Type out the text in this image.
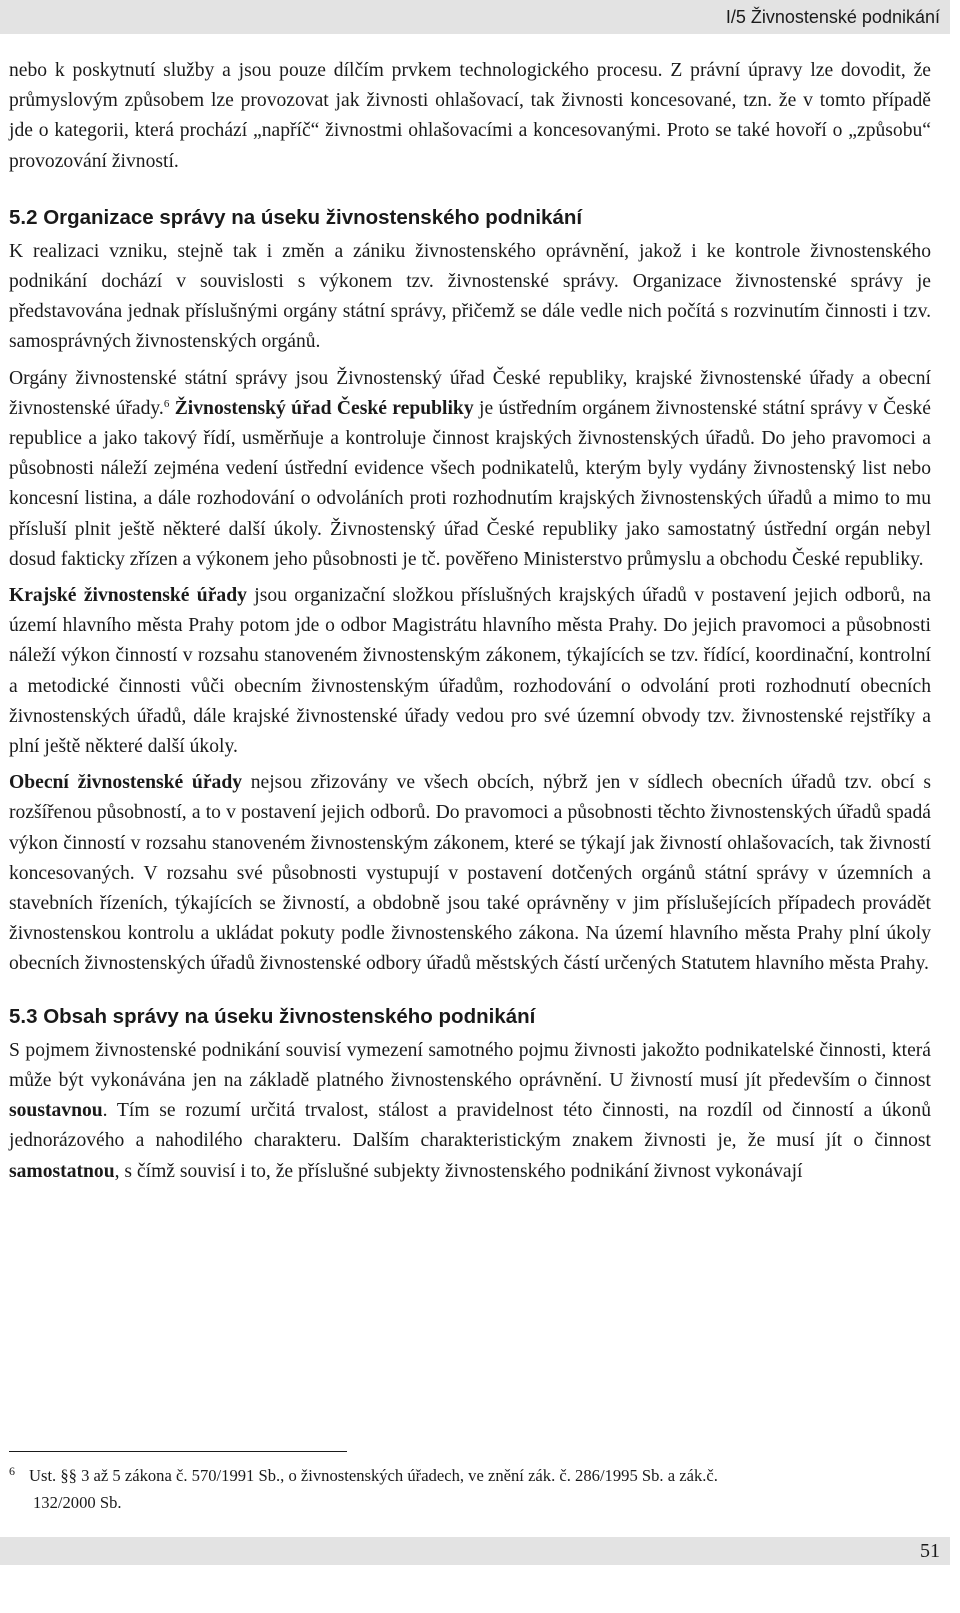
I/5 Živnostenské podnikání

nebo k poskytnutí služby a jsou pouze dílčím prvkem technologického procesu. Z právní úpravy lze dovodit, že průmyslovým způsobem lze provozovat jak živnosti ohlašovací, tak živnosti koncesované, tzn. že v tomto případě jde o kategorii, která prochází „napříč“ živnostmi ohlašovacími a koncesovanými. Proto se také hovoří o „způsobu“ provozování živností.

5.2 Organizace správy na úseku živnostenského podnikání

K realizaci vzniku, stejně tak i změn a zániku živnostenského oprávnění, jakož i ke kontrole živnostenského podnikání dochází v souvislosti s výkonem tzv. živnostenské správy. Organizace živnostenské správy je představována jednak příslušnými orgány státní správy, přičemž se dále vedle nich počítá s rozvinutím činnosti i tzv. samosprávných živnostenských orgánů.

Orgány živnostenské státní správy jsou Živnostenský úřad České republiky, krajské živnostenské úřady a obecní živnostenské úřady.$^6$ Živnostenský úřad České republiky je ústředním orgánem živnostenské státní správy v České republice a jako takový řídí, usměrňuje a kontroluje činnost krajských živnostenských úřadů. Do jeho pravomoci a působnosti náleží zejména vedení ústřední evidence všech podnikatelů, kterým byly vydány živnostenský list nebo koncesní listina, a dále rozhodování o odvoláních proti rozhodnutím krajských živnostenských úřadů a mimo to mu přísluší plnit ještě některé další úkoly. Živnostenský úřad České republiky jako samostatný ústřední orgán nebyl dosud fakticky zřízen a výkonem jeho působnosti je tč. pověřeno Ministerstvo průmyslu a obchodu České republiky.

Krajské živnostenské úřady jsou organizační složkou příslušných krajských úřadů v postavení jejich odborů, na území hlavního města Prahy potom jde o odbor Magistrátu hlavního města Prahy. Do jejich pravomoci a působnosti náleží výkon činností v rozsahu stanoveném živnostenským zákonem, týkajících se tzv. řídící, koordinační, kontrolní a metodické činnosti vůči obecním živnostenským úřadům, rozhodování o odvolání proti rozhodnutí obecních živnostenských úřadů, dále krajské živnostenské úřady vedou pro své územní obvody tzv. živnostenské rejstříky a plní ještě některé další úkoly.

Obecní živnostenské úřady nejsou zřizovány ve všech obcích, nýbrž jen v sídlech obecních úřadů tzv. obcí s rozšířenou působností, a to v postavení jejich odborů. Do pravomoci a působnosti těchto živnostenských úřadů spadá výkon činností v rozsahu stanoveném živnostenským zákonem, které se týkají jak živností ohlašovacích, tak živností koncesovaných. V rozsahu své působnosti vystupují v postavení dotčených orgánů státní správy v územních a stavebních řízeních, týkajících se živností, a obdobně jsou také oprávněny v jim příslušejících případech provádět živnostenskou kontrolu a ukládat pokuty podle živnostenského zákona. Na území hlavního města Prahy plní úkoly obecních živnostenských úřadů živnostenské odbory úřadů městských částí určených Statutem hlavního města Prahy.

5.3 Obsah správy na úseku živnostenského podnikání

S pojmem živnostenské podnikání souvisí vymezení samotného pojmu živnosti jakožto podnikatelské činnosti, která může být vykonávána jen na základě platného živnostenského oprávnění. U živností musí jít především o činnost soustavnou. Tím se rozumí určitá trvalost, stálost a pravidelnost této činnosti, na rozdíl od činností a úkonů jednorázového a nahodilého charakteru. Dalším charakteristickým znakem živnosti je, že musí jít o činnost samostatnou, s čímž souvisí i to, že příslušné subjekty živnostenského podnikání živnost vykonávají

6 Ust. §§ 3 až 5 zákona č. 570/1991 Sb., o živnostenských úřadech, ve znění zák. č. 286/1995 Sb. a zák.č.
132/2000 Sb.
51
